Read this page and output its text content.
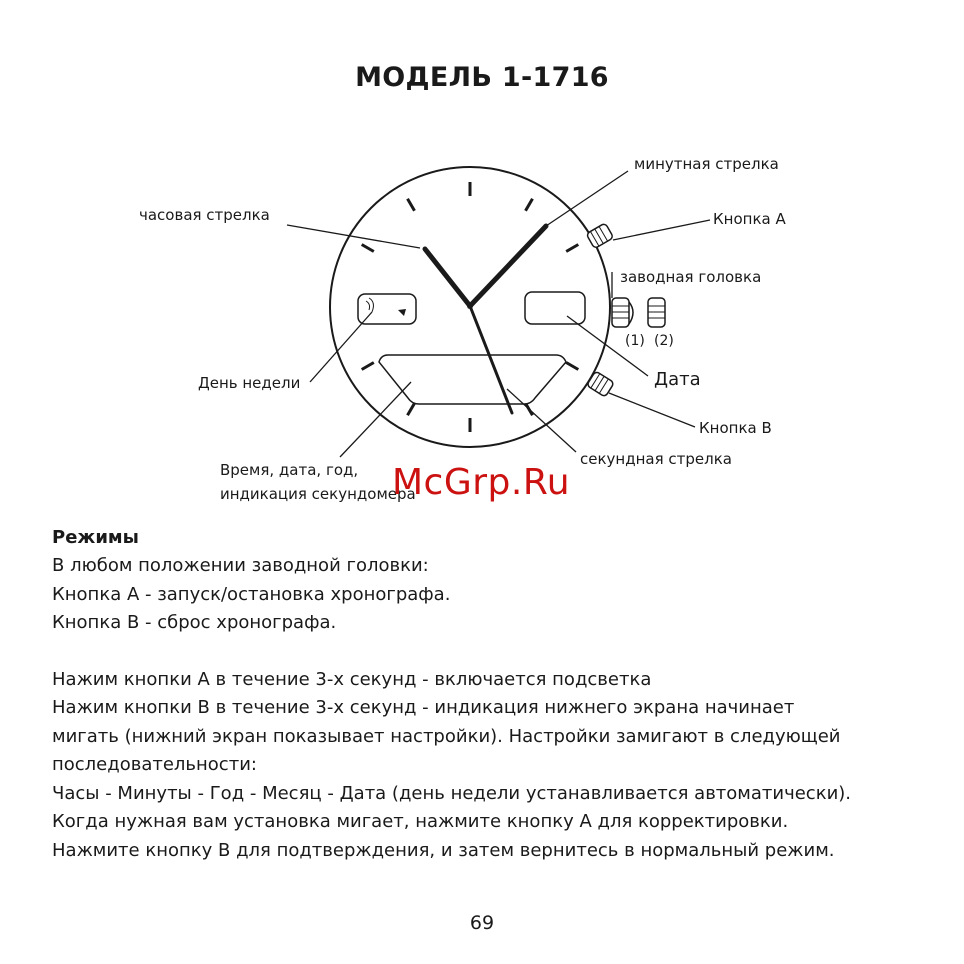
МОДЕЛЬ 1-1716
минутная стрелка
часовая стрелка	Кнопка А
заводная головка
(1) (2)
Дата
Кнопка В
День недели
секундная стрелка
Время, дата, год,
индикация секундомера
McGrp.Ru

Режимы

В любом положении заводной головки:

Кнопка А - запуск/остановка хронографа.

Кнопка В - сброс хронографа.

Нажим кнопки А в течение 3-х секунд - включается подсветка

Нажим кнопки В в течение 3-х секунд - индикация нижнего экрана начинает

мигать (нижний экран показывает настройки). Настройки замигают в следующей

последовательности:

Часы - Минуты - Год - Месяц - Дата (день недели устанавливается автоматически).

Когда нужная вам установка мигает, нажмите кнопку А для корректировки.

Нажмите кнопку В для подтверждения, и затем вернитесь в нормальный режим.

69
